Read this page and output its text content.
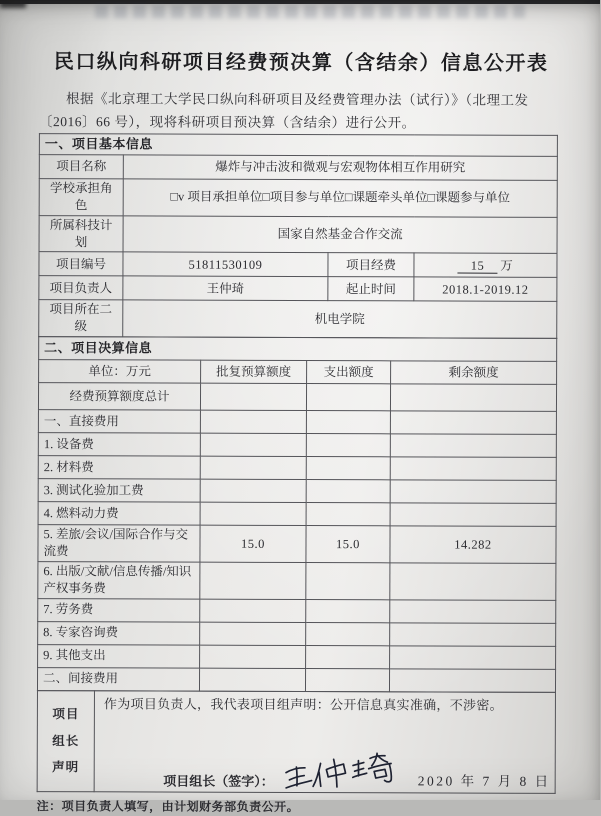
民口纵向科研项目经费预决算（含结余）信息公开表

根据《北京理工大学民口纵向科研项目及经费管理办法（试行）》（北理工发〔2016〕66 号），现将科研项目预决算（含结余）进行公开。

一、项目基本信息			
项目名称	爆炸与冲击波和微观与宏观物体相互作用研究		
学校承担角色	□v 项目承担单位□项目参与单位□课题牵头单位□课题参与单位		
所属科技计划	国家自然基金合作交流		
项目编号	51811530109	项目经费	15 万
项目负责人	王仲琦	起止时间	2018.1-2019.12
项目所在二级	机电学院		
二、项目决算信息			
单位：万元	批复预算额度	支出额度	剩余额度
经费预算额度总计			
一、直接费用			
1. 设备费			
2. 材料费			
3. 测试化验加工费			
4. 燃料动力费			
5. 差旅/会议/国际合作与交流费	15.0	15.0	14.282
6. 出版/文献/信息传播/知识产权事务费			
7. 劳务费			
8. 专家咨询费			
9. 其他支出			
二、间接费用			
项目
组长
声明

作为项目负责人，我代表项目组声明：公开信息真实准确，不涉密。
项目组长（签字）：	2020 年 7 月 8 日
注：项目负责人填写，由计划财务部负责公开。
